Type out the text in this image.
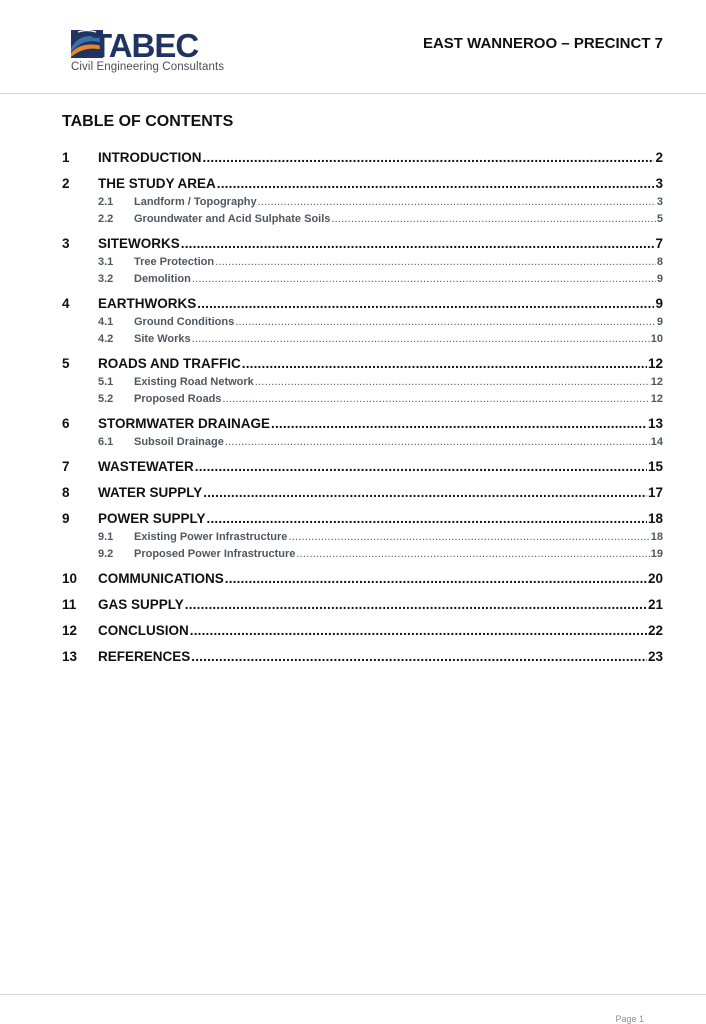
TABEC
Civil Engineering Consultants
EAST WANNEROO – PRECINCT 7
TABLE OF CONTENTS
1	INTRODUCTION .....	2
2	THE STUDY AREA .....	3
2.1	Landform / Topography .....	3
2.2	Groundwater and Acid Sulphate Soils .....	5
3	SITEWORKS .....	7
3.1	Tree Protection .....	8
3.2	Demolition .....	9
4	EARTHWORKS .....	9
4.1	Ground Conditions .....	9
4.2	Site Works .....	10
5	ROADS AND TRAFFIC .....	12
5.1	Existing Road Network .....	12
5.2	Proposed Roads .....	12
6	STORMWATER DRAINAGE .....	13
6.1	Subsoil Drainage .....	14
7	WASTEWATER .....	15
8	WATER SUPPLY .....	17
9	POWER SUPPLY .....	18
9.1	Existing Power Infrastructure .....	18
9.2	Proposed Power Infrastructure .....	19
10	COMMUNICATIONS .....	20
11	GAS SUPPLY .....	21
12	CONCLUSION .....	22
13	REFERENCES .....	23
Page 1
